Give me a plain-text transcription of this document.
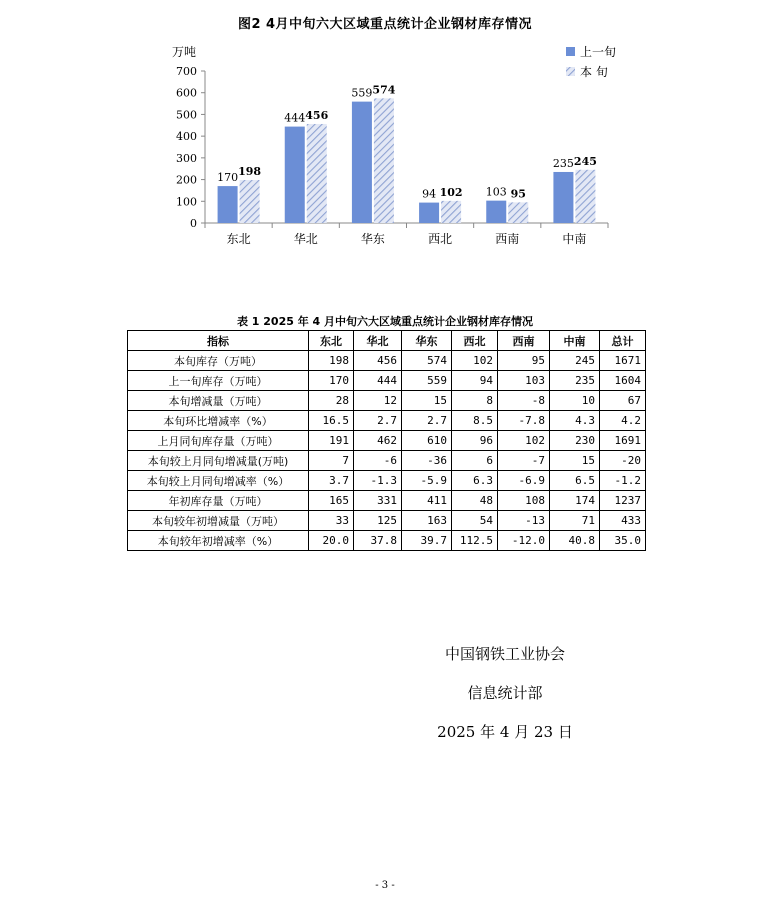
图2 4月中旬六大区域重点统计企业钢材库存情况
万吨
0
100
200
300
400
500
600
700
东北	华北	华东	西北	西南	中南
170
444
559
94	103
235
198
456
574
102	95
245
上一旬
本 旬
表 1 2025 年 4 月中旬六大区域重点统计企业钢材库存情况
指标	东北	华北	华东	西北	西南	中南	总计
本旬库存（万吨）	198	456	574	102	95	245	1671
上一旬库存（万吨）	170	444	559	94	103	235	1604
本旬增减量（万吨）	28	12	15	8	-8	10	67
本旬环比增减率（%）	16.5	2.7	2.7	8.5	-7.8	4.3	4.2
上月同旬库存量（万吨）	191	462	610	96	102	230	1691
本旬较上月同旬增减量(万吨)	7	-6	-36	6	-7	15	-20
本旬较上月同旬增减率（%）	3.7	-1.3	-5.9	6.3	-6.9	6.5	-1.2
年初库存量（万吨）	165	331	411	48	108	174	1237
本旬较年初增减量（万吨）	33	125	163	54	-13	71	433
本旬较年初增减率（%）	20.0	37.8	39.7	112.5	-12.0	40.8	35.0
中国钢铁工业协会
信息统计部
2025 年 4 月 23 日
- 3 -
